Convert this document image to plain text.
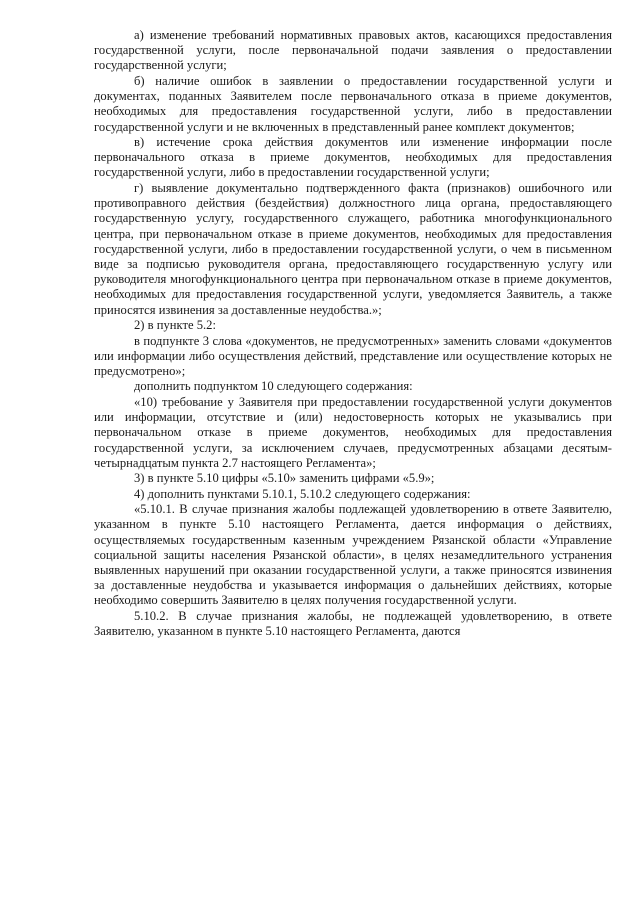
а) изменение требований нормативных правовых актов, касающихся предоставления государственной услуги, после первоначальной подачи заявления о предоставлении государственной услуги;

б) наличие ошибок в заявлении о предоставлении государственной услуги и документах, поданных Заявителем после первоначального отказа в приеме документов, необходимых для предоставления государственной услуги, либо в предоставлении государственной услуги и не включенных в представленный ранее комплект документов;

в) истечение срока действия документов или изменение информации после первоначального отказа в приеме документов, необходимых для предоставления государственной услуги, либо в предоставлении государственной услуги;

г) выявление документально подтвержденного факта (признаков) ошибочного или противоправного действия (бездействия) должностного лица органа, предоставляющего государственную услугу, государственного служащего, работника многофункционального центра, при первоначальном отказе в приеме документов, необходимых для предоставления государственной услуги, либо в предоставлении государственной услуги, о чем в письменном виде за подписью руководителя органа, предоставляющего государственную услугу или руководителя многофункционального центра при первоначальном отказе в приеме документов, необходимых для предоставления государственной услуги, уведомляется Заявитель, а также приносятся извинения за доставленные неудобства.»;

2) в пункте 5.2:

в подпункте 3 слова «документов, не предусмотренных» заменить словами «документов или информации либо осуществления действий, представление или осуществление которых не предусмотрено»;

дополнить подпунктом 10 следующего содержания:

«10) требование у Заявителя при предоставлении государственной услуги документов или информации, отсутствие и (или) недостоверность которых не указывались при первоначальном отказе в приеме документов, необходимых для предоставления государственной услуги, за исключением случаев, предусмотренных абзацами десятым-четырнадцатым пункта 2.7 настоящего Регламента»;

3) в пункте 5.10 цифры «5.10» заменить цифрами «5.9»;

4) дополнить пунктами 5.10.1, 5.10.2 следующего содержания:

«5.10.1. В случае признания жалобы подлежащей удовлетворению в ответе Заявителю, указанном в пункте 5.10 настоящего Регламента, дается информация о действиях, осуществляемых государственным казенным учреждением Рязанской области «Управление социальной защиты населения Рязанской области», в целях незамедлительного устранения выявленных нарушений при оказании государственной услуги, а также приносятся извинения за доставленные неудобства и указывается информация о дальнейших действиях, которые необходимо совершить Заявителю в целях получения государственной услуги.

5.10.2. В случае признания жалобы, не подлежащей удовлетворению, в ответе Заявителю, указанном в пункте 5.10 настоящего Регламента, даются
